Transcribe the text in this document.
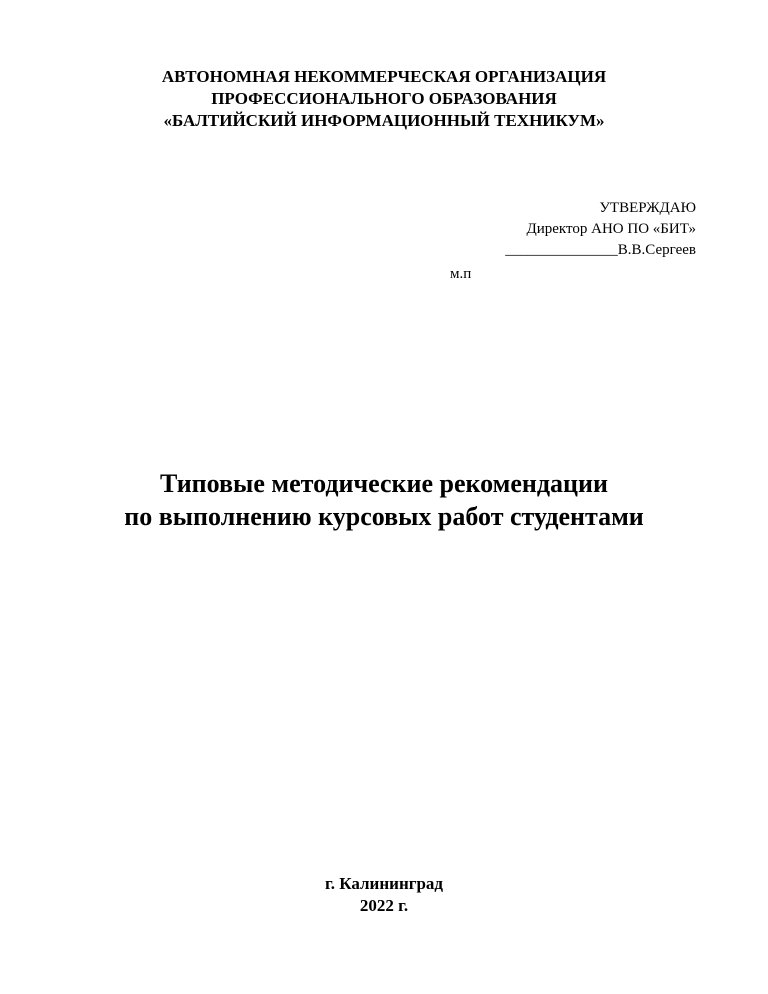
АВТОНОМНАЯ НЕКОММЕРЧЕСКАЯ ОРГАНИЗАЦИЯ
ПРОФЕССИОНАЛЬНОГО ОБРАЗОВАНИЯ
«БАЛТИЙСКИЙ ИНФОРМАЦИОННЫЙ ТЕХНИКУМ»
УТВЕРЖДАЮ
Директор АНО ПО «БИТ»
_______________В.В.Сергеев
м.п
Типовые методические рекомендации
по выполнению курсовых работ студентами
г. Калининград
2022 г.
